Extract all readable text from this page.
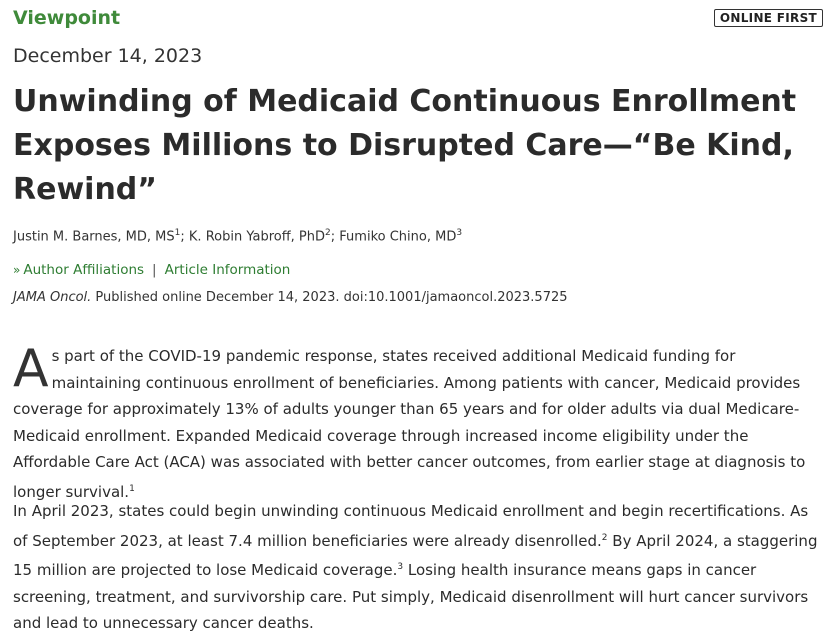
Viewpoint	ONLINE FIRST
December 14, 2023
Unwinding of Medicaid Continuous Enrollment Exposes Millions to Disrupted Care—“Be Kind, Rewind”
Justin M. Barnes, MD, $MS^1$; K. Robin Yabroff, PhD$^2$; Fumiko Chino, $MD^3$
» Author Affiliations | Article Information
JAMA Oncol. Published online December 14, 2023. doi:10.1001/jamaoncol.2023.5725

As part of the COVID-19 pandemic response, states received additional Medicaid funding for maintaining continuous enrollment of beneficiaries. Among patients with cancer, Medicaid provides coverage for approximately 13% of adults younger than 65 years and for older adults via dual Medicare-Medicaid enrollment. Expanded Medicaid coverage through increased income eligibility under the Affordable Care Act (ACA) was associated with better cancer outcomes, from earlier stage at diagnosis to longer survival.$^1$

In April 2023, states could begin unwinding continuous Medicaid enrollment and begin recertifications. As of September 2023, at least 7.4 million beneficiaries were already disenrolled.$^2$ By April 2024, a staggering 15 million are projected to lose Medicaid coverage.$^3$ Losing health insurance means gaps in cancer screening, treatment, and survivorship care. Put simply, Medicaid disenrollment will hurt cancer survivors and lead to unnecessary cancer deaths.
